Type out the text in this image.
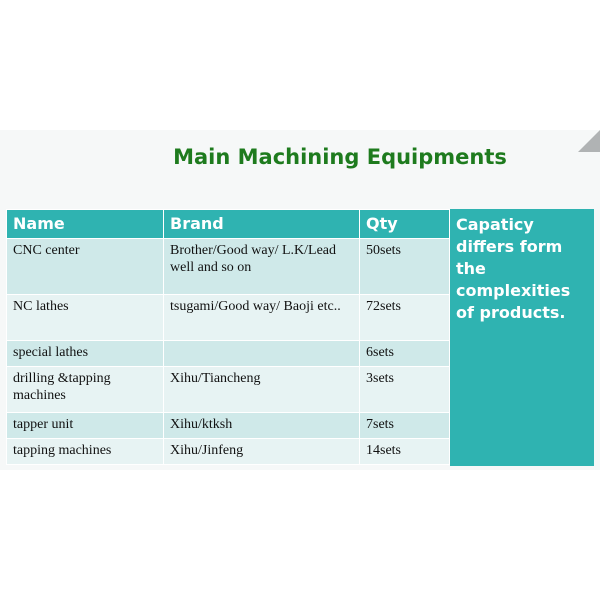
Main Machining Equipments
Name	Brand	Qty
CNC center	Brother/Good way/ L.K/Lead well and so on	50sets
NC lathes	tsugami/Good way/ Baoji etc..	72sets
special lathes		6sets
drilling &tapping machines	Xihu/Tiancheng	3sets
tapper unit	Xihu/ktksh	7sets
tapping machines	Xihu/Jinfeng	14sets
Capaticy differs form the complexities of products.
